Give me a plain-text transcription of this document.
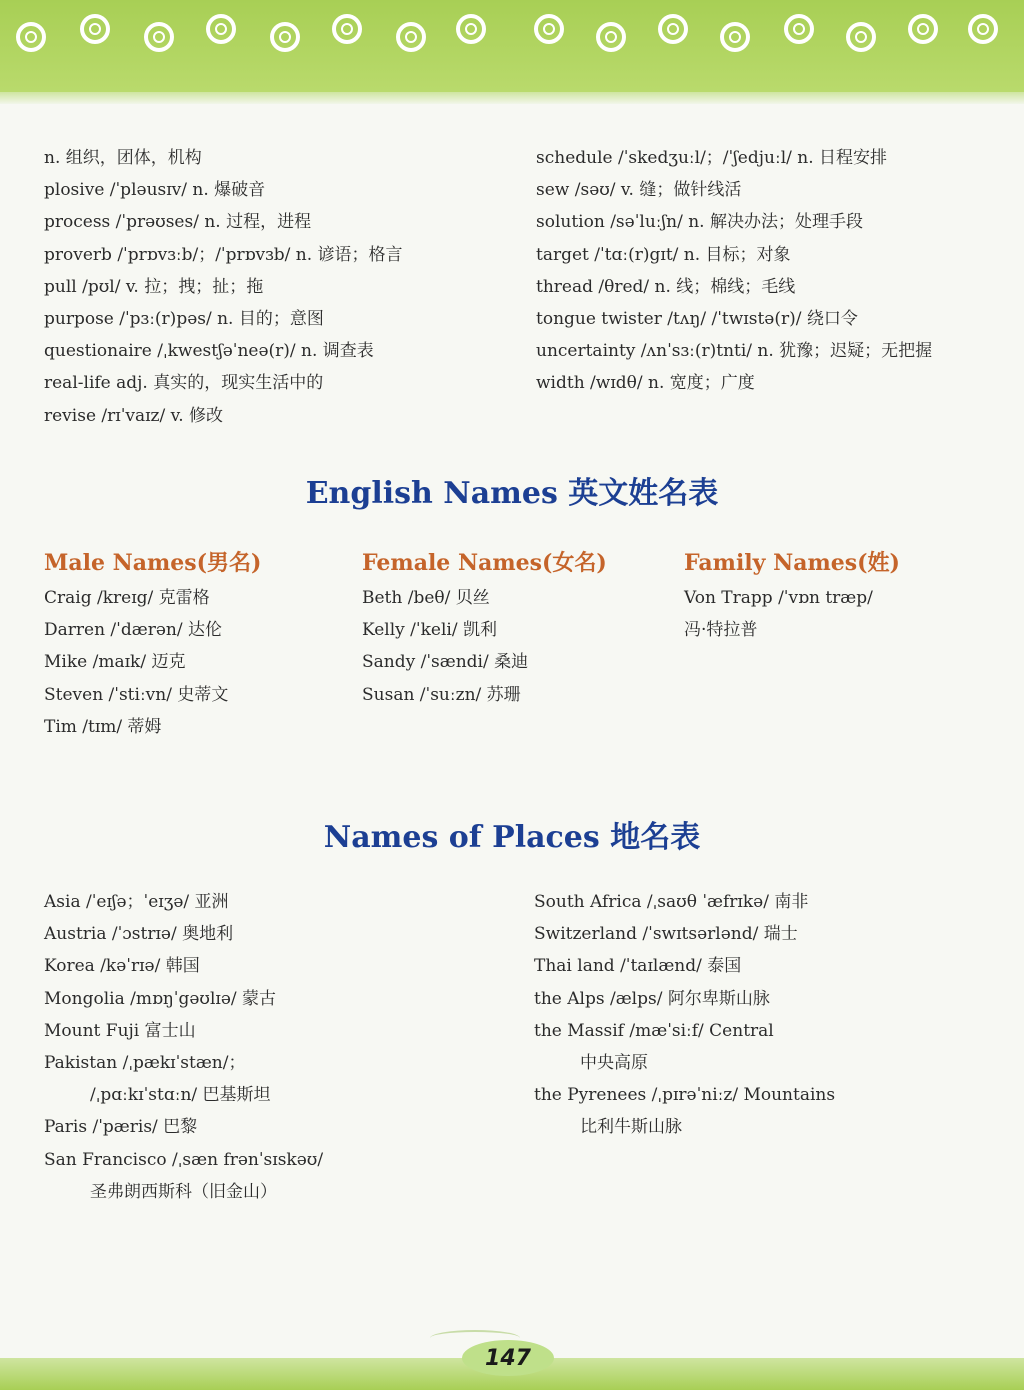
n. 组织，团体，机构
plosive /ˈpləusɪv/ n. 爆破音
process /ˈprəʊses/ n. 过程，进程
proverb /ˈprɒvɜːb/；/ˈprɒvɜb/ n. 谚语；格言
pull /pʊl/ v. 拉；拽；扯；拖
purpose /ˈpɜː(r)pəs/ n. 目的；意图
questionaire /ˌkwestʃəˈneə(r)/ n. 调查表
real-life adj. 真实的，现实生活中的
revise /rɪˈvaɪz/ v. 修改
schedule /ˈskedʒuːl/；/ˈʃedjuːl/ n. 日程安排
sew /səʊ/ v. 缝；做针线活
solution /səˈluːʃn/ n. 解决办法；处理手段
target /ˈtɑː(r)gɪt/ n. 目标；对象
thread /θred/ n. 线；棉线；毛线
tongue twister /tʌŋ/ /ˈtwɪstə(r)/ 绕口令
uncertainty /ʌnˈsɜː(r)tnti/ n. 犹豫；迟疑；无把握
width /wɪdθ/ n. 宽度；广度
English Names 英文姓名表
Male Names(男名)	Female Names(女名)	Family Names(姓)
Craig /kreɪg/ 克雷格
Darren /ˈdærən/ 达伦
Mike /maɪk/ 迈克
Steven /ˈstiːvn/ 史蒂文
Tim /tɪm/ 蒂姆
Beth /beθ/ 贝丝
Kelly /ˈkeli/ 凯利
Sandy /ˈsændi/ 桑迪
Susan /ˈsuːzn/ 苏珊
Von Trapp /ˈvɒn træp/
冯·特拉普
Names of Places 地名表
Asia /ˈeɪʃə；ˈeɪʒə/ 亚洲
Austria /ˈɔstrɪə/ 奥地利
Korea /kəˈrɪə/ 韩国
Mongolia /mɒŋˈgəʊlɪə/ 蒙古
Mount Fuji 富士山
Pakistan /ˌpækɪˈstæn/；
/ˌpɑːkɪˈstɑːn/ 巴基斯坦
Paris /ˈpæris/ 巴黎
San Francisco /ˌsæn frənˈsɪskəʊ/
圣弗朗西斯科（旧金山）
South Africa /ˌsaʊθ ˈæfrɪkə/ 南非
Switzerland /ˈswɪtsərlənd/ 瑞士
Thai land /ˈtaɪlænd/ 泰国
the Alps /ælps/ 阿尔卑斯山脉
the Massif /mæˈsiːf/ Central
中央高原
the Pyrenees /ˌpɪrəˈniːz/ Mountains
比利牛斯山脉
147
